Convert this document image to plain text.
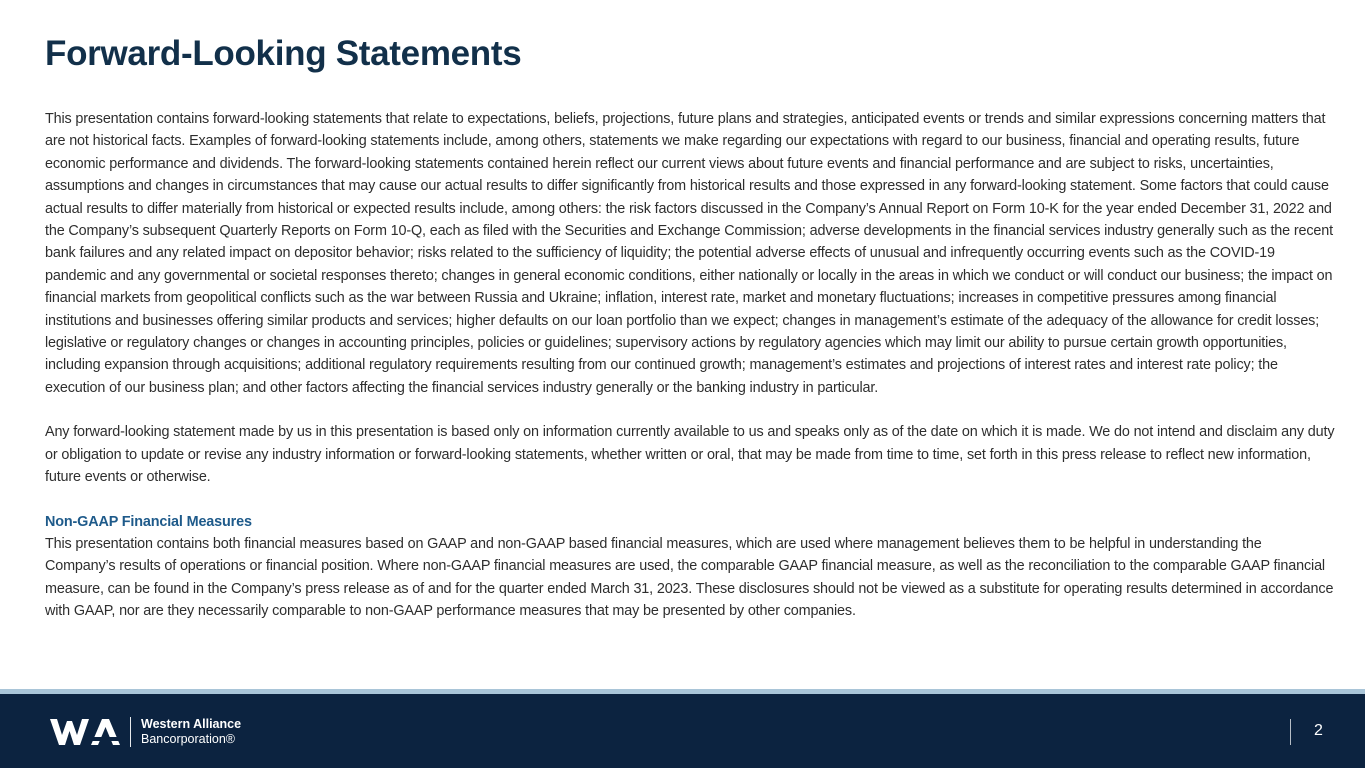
Forward-Looking Statements

This presentation contains forward-looking statements that relate to expectations, beliefs, projections, future plans and strategies, anticipated events or trends and similar expressions concerning matters that are not historical facts. Examples of forward-looking statements include, among others, statements we make regarding our expectations with regard to our business, financial and operating results, future economic performance and dividends. The forward-looking statements contained herein reflect our current views about future events and financial performance and are subject to risks, uncertainties, assumptions and changes in circumstances that may cause our actual results to differ significantly from historical results and those expressed in any forward-looking statement. Some factors that could cause actual results to differ materially from historical or expected results include, among others: the risk factors discussed in the Company’s Annual Report on Form 10-K for the year ended December 31, 2022 and the Company’s subsequent Quarterly Reports on Form 10-Q, each as filed with the Securities and Exchange Commission; adverse developments in the financial services industry generally such as the recent bank failures and any related impact on depositor behavior; risks related to the sufficiency of liquidity; the potential adverse effects of unusual and infrequently occurring events such as the COVID-19 pandemic and any governmental or societal responses thereto; changes in general economic conditions, either nationally or locally in the areas in which we conduct or will conduct our business; the impact on financial markets from geopolitical conflicts such as the war between Russia and Ukraine; inflation, interest rate, market and monetary fluctuations; increases in competitive pressures among financial institutions and businesses offering similar products and services; higher defaults on our loan portfolio than we expect; changes in management’s estimate of the adequacy of the allowance for credit losses; legislative or regulatory changes or changes in accounting principles, policies or guidelines; supervisory actions by regulatory agencies which may limit our ability to pursue certain growth opportunities, including expansion through acquisitions; additional regulatory requirements resulting from our continued growth; management’s estimates and projections of interest rates and interest rate policy; the execution of our business plan; and other factors affecting the financial services industry generally or the banking industry in particular.

Any forward-looking statement made by us in this presentation is based only on information currently available to us and speaks only as of the date on which it is made. We do not intend and disclaim any duty or obligation to update or revise any industry information or forward-looking statements, whether written or oral, that may be made from time to time, set forth in this press release to reflect new information, future events or otherwise.

Non-GAAP Financial Measures

This presentation contains both financial measures based on GAAP and non-GAAP based financial measures, which are used where management believes them to be helpful in understanding the Company’s results of operations or financial position. Where non-GAAP financial measures are used, the comparable GAAP financial measure, as well as the reconciliation to the comparable GAAP financial measure, can be found in the Company’s press release as of and for the quarter ended March 31, 2023. These disclosures should not be viewed as a substitute for operating results determined in accordance with GAAP, nor are they necessarily comparable to non-GAAP performance measures that may be presented by other companies.

Western Alliance
Bancorporation®	2
